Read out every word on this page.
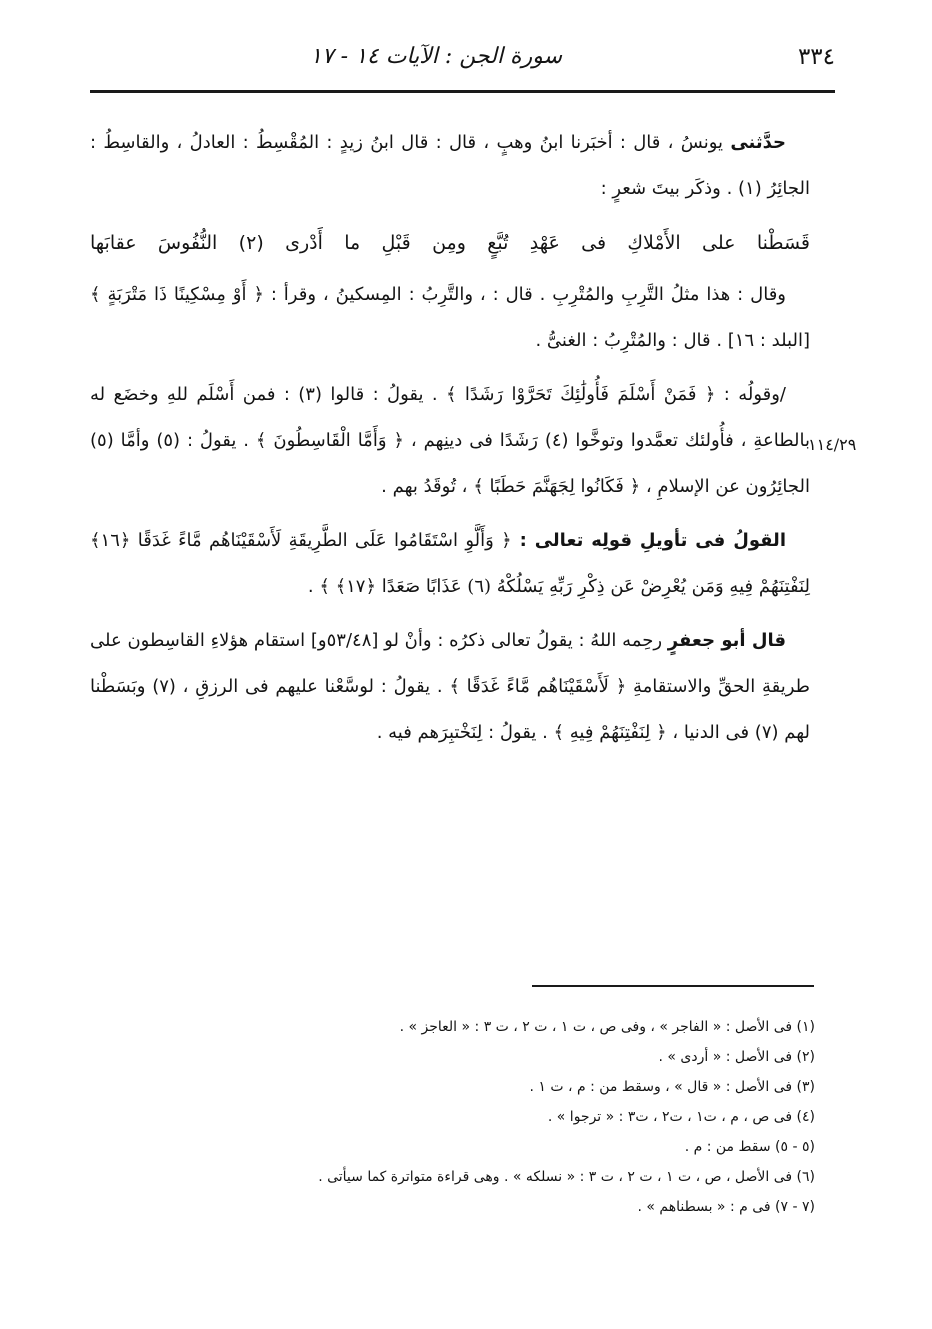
٣٣٤
سورة الجن : الآيات ١٤ - ١٧
١١٤/٢٩

حدَّثنى يونسُ ، قال : أخبَرنا ابنُ وهبٍ ، قال : قال ابنُ زيدٍ : المُقْسِطُ : العادلُ ، والقاسِطُ : الجائِرُ (١) . وذكَر بيتَ شعرٍ :

قَسَطْنا على الأَمْلاكِ فى عَهْدِ تُبَّعٍ ومِن قَبْلِ ما أَدْرى (٢) النُّفُوسَ عقابَها

وقال : هذا مثلُ التَّرِبِ والمُتْرِبِ . قال : ، والتَّرِبُ : المِسكينُ ، وقرأ : ﴿ أَوْ مِسْكِينًا ذَا مَتْرَبَةٍ ﴾ [البلد : ١٦] . قال : والمُتْرِبُ : الغنىُّ .

/وقولُه : ﴿ فَمَنْ أَسْلَمَ فَأُولَٰئِكَ تَحَرَّوْا رَشَدًا ﴾ . يقولُ : قالوا (٣) : فمن أَسْلَم للهِ وخضَع له بالطاعةِ ، فأُولئك تعمَّدوا وتوخَّوا (٤) رَشَدًا فى دينِهم ، ﴿ وَأَمَّا الْقَاسِطُونَ ﴾ . يقولُ : (٥) وأمَّا (٥) الجائِرُون عن الإسلامِ ، ﴿ فَكَانُوا لِجَهَنَّمَ حَطَبًا ﴾ ، تُوقَدُ بهم .

القولُ فى تأويلِ قولِه تعالى : ﴿ وَأَلَّوِ اسْتَقَامُوا عَلَى الطَّرِيقَةِ لَأَسْقَيْنَاهُم مَّاءً غَدَقًا ﴿١٦﴾ لِنَفْتِنَهُمْ فِيهِ وَمَن يُعْرِضْ عَن ذِكْرِ رَبِّهِ يَسْلُكْهُ (٦) عَذَابًا صَعَدًا ﴿١٧﴾ ﴾ .

قال أبو جعفرٍ رحِمه اللهُ : يقولُ تعالى ذكرُه : وأنْ لو [٥٣/٤٨و] استقام هؤلاءِ القاسِطون على طريقةِ الحقِّ والاستقامةِ ﴿ لَأَسْقَيْنَاهُم مَّاءً غَدَقًا ﴾ . يقولُ : لوسَّعْنا عليهم فى الرزقِ ، (٧) وبَسَطْنا لهم (٧) فى الدنيا ، ﴿ لِنَفْتِنَهُمْ فِيهِ ﴾ . يقولُ : لِنَخْتبِرَهم فيه .

(١) فى الأصل : « الفاجر » ، وفى ص ، ت ١ ، ت ٢ ، ت ٣ : « العاجز » .
(٢) فى الأصل : « أردى » .
(٣) فى الأصل : « قال » ، وسقط من : م ، ت ١ .
(٤) فى ص ، م ، ت١ ، ت٢ ، ت٣ : « ترجوا » .
(٥ - ٥) سقط من : م .
(٦) فى الأصل ، ص ، ت ١ ، ت ٢ ، ت ٣ : « نسلكه » . وهى قراءة متواترة كما سيأتى .
(٧ - ٧) فى م : « بسطناهم » .
